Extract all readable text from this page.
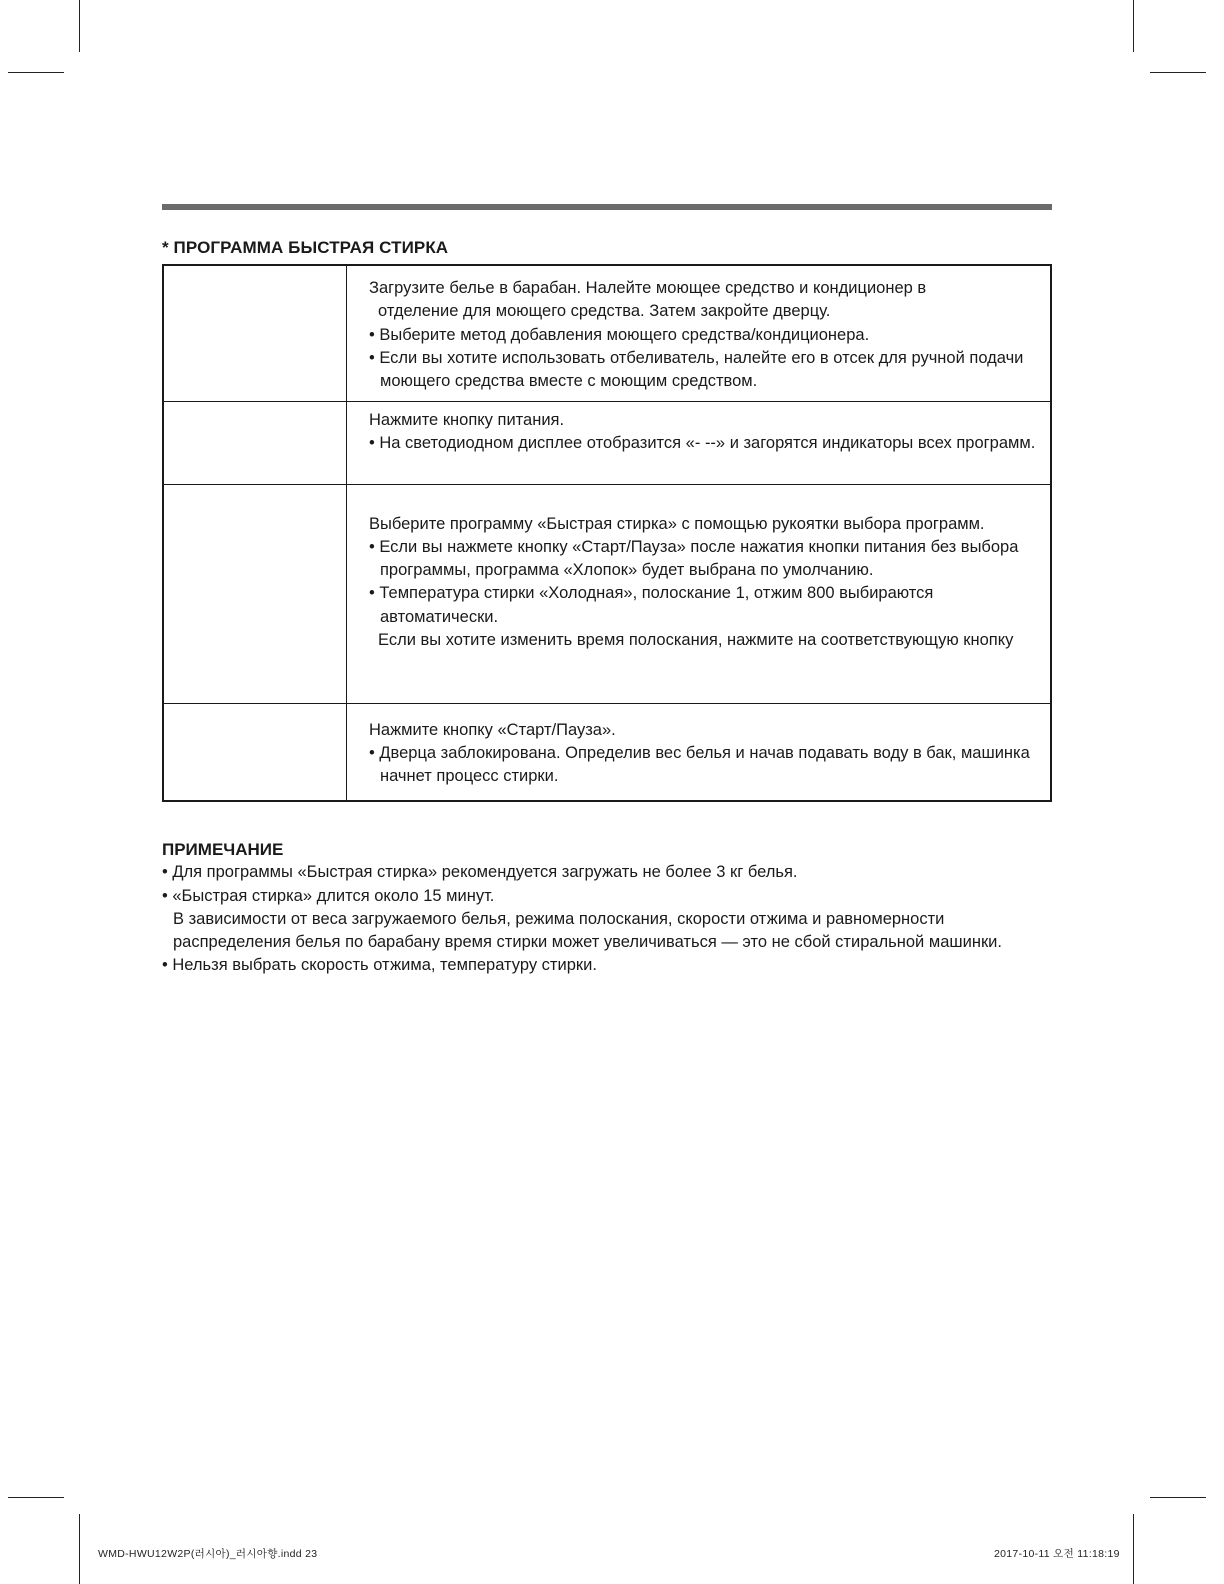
* ПРОГРАММА БЫСТРАЯ СТИРКА

	Загрузите белье в барабан. Налейте моющее средство и кондиционер в

отделение для моющего средства. Затем закройте дверцу.

• Выберите метод добавления моющего средства/кондиционера.

• Если вы хотите использовать отбеливатель, налейте его в отсек для ручной подачи моющего средства вместе с моющим средством.

	Нажмите кнопку питания.

• На светодиодном дисплее отобразится «- --» и загорятся индикаторы всех программ.

	Выберите программу «Быстрая стирка» с помощью рукоятки выбора программ.

• Если вы нажмете кнопку «Старт/Пауза» после нажатия кнопки питания без выбора программы, программа «Хлопок» будет выбрана по умолчанию.

• Температура стирки «Холодная», полоскание 1, отжим 800 выбираются автоматически.

Если вы хотите изменить время полоскания, нажмите на соответствующую кнопку

	Нажмите кнопку «Старт/Пауза».

• Дверца заблокирована. Определив вес белья и начав подавать воду в бак, машинка начнет процесс стирки.

ПРИМЕЧАНИЕ

• Для программы «Быстрая стирка» рекомендуется загружать не более 3 кг белья.

• «Быстрая стирка» длится около 15 минут.

В зависимости от веса загружаемого белья, режима полоскания, скорости отжима и равномерности распределения белья по барабану время стирки может увеличиваться — это не сбой стиральной машинки.

• Нельзя выбрать скорость отжима, температуру стирки.

WMD-HWU12W2P(러시아)_러시아향.indd 23	2017-10-11 오전 11:18:19
